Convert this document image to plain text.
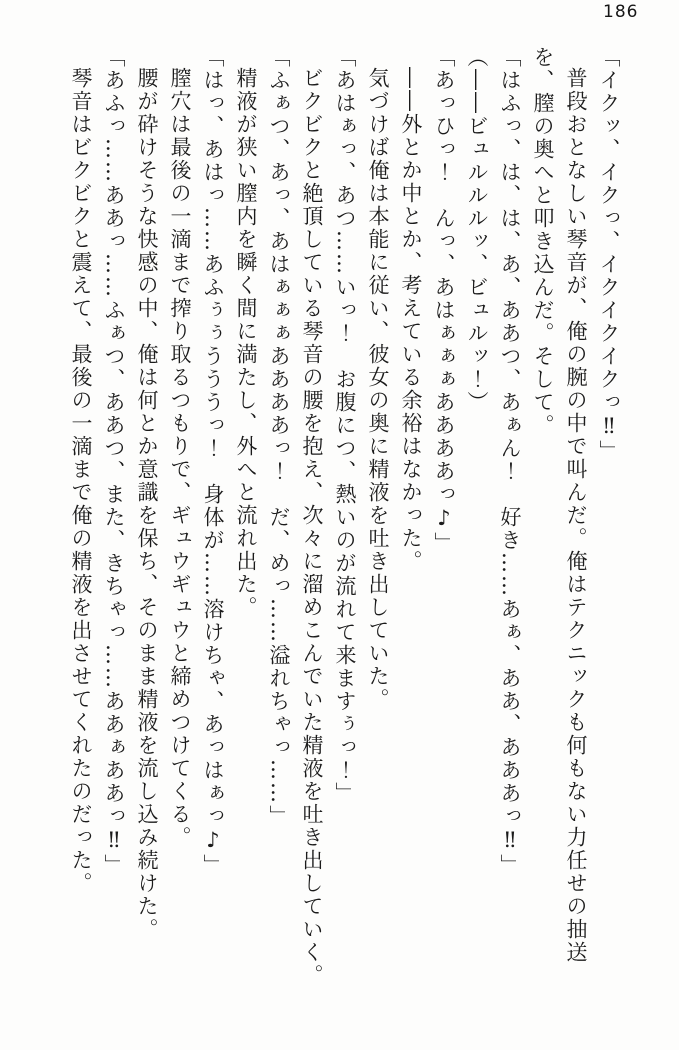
186

「イクッ、イクっ、イクイクイクっ‼」

普段おとなしい琴音が、俺の腕の中で叫んだ。俺はテクニックも何もない力任せの抽送

を、膣の奥へと叩き込んだ。そして。

「はふっ、は、は、あ、ああつ、あぁん！　好き……あぁ、ああ、あああっ‼」

（――ビュルルルッ、ビュルッ！）

「あっひっ！　んっ、あはぁぁぁああああっ♪」

――外とか中とか、考えている余裕はなかった。

気づけば俺は本能に従い、彼女の奥に精液を吐き出していた。

「あはぁっ、あつ……いっ！　お腹につ、熱いのが流れて来ますぅっ！」

ビクビクと絶頂している琴音の腰を抱え、次々に溜めこんでいた精液を吐き出していく。

「ふぁつ、あっ、あはぁぁぁああああっ！　だ、めっ……溢れちゃっ……」

精液が狭い膣内を瞬く間に満たし、外へと流れ出た。

「はっ、あはっ……あふぅぅうううっ！　身体が……溶けちゃ、あっはぁっ♪」

膣穴は最後の一滴まで搾り取るつもりで、ギュウギュウと締めつけてくる。

腰が砕けそうな快感の中、俺は何とか意識を保ち、そのまま精液を流し込み続けた。

「あふっ……ああっ……ふぁつ、ああつ、また、きちゃっ……ああぁああっ‼」

琴音はビクビクと震えて、最後の一滴まで俺の精液を出させてくれたのだった。
